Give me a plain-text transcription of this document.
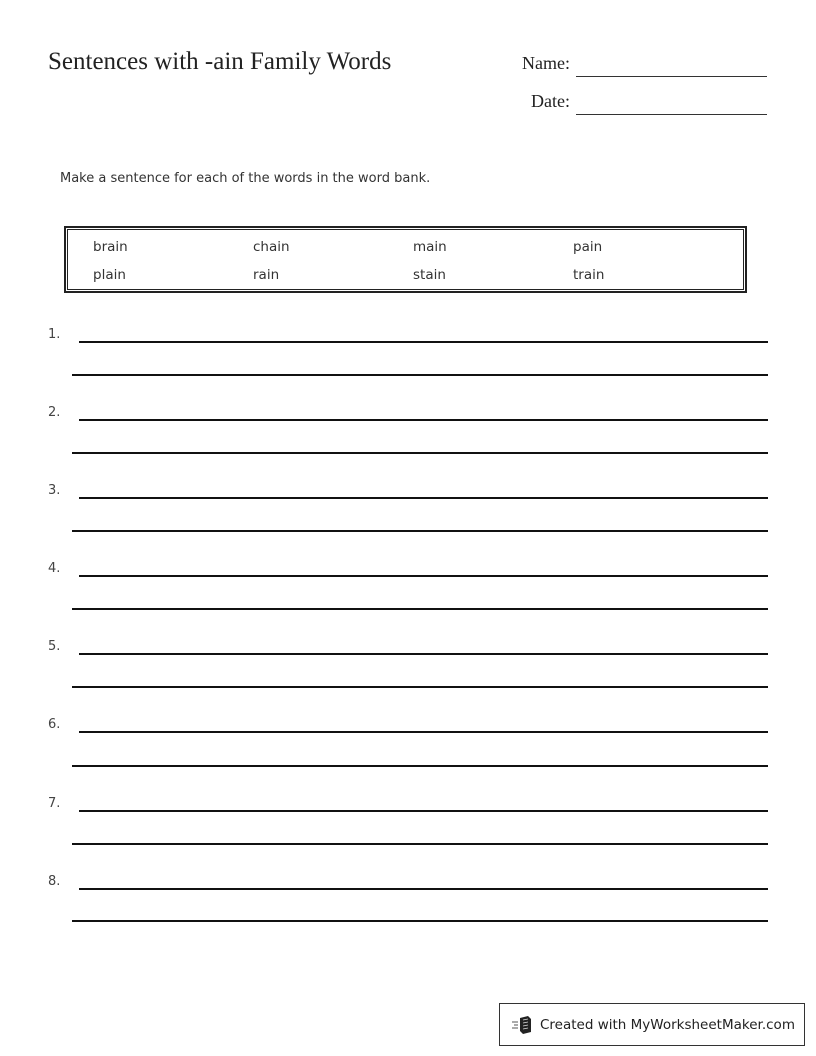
Sentences with -ain Family Words	Name:
Date:
Make a sentence for each of the words in the word bank.
brain	chain	main	pain
plain	rain	stain	train
1.
2.
3.
4.
5.
6.
7.
8.
Created with MyWorksheetMaker.com
